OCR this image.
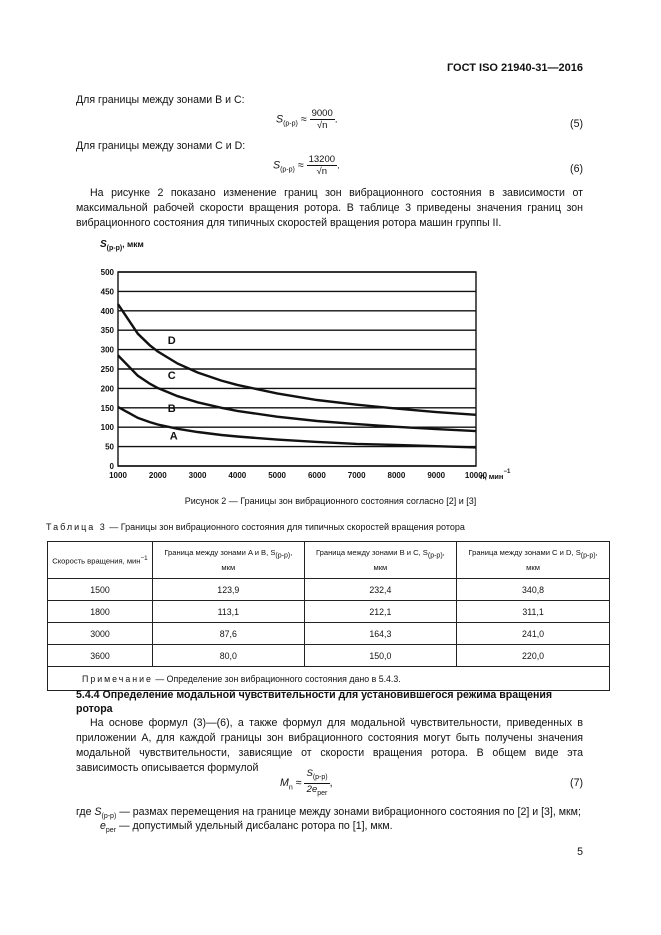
ГОСТ ISO 21940-31—2016
Для границы между зонами B и C:
$S_{(р-р)} \approx \frac{9000}{√n}$ .	(5)
Для границы между зонами C и D:
$S_{(р-р)} \approx \frac{13200}{√n}$ .	(6)
На рисунке 2 показано изменение границ зон вибрационного состояния в зависимости от максимальной рабочей скорости вращения ротора. В таблице 3 приведены значения границ зон вибрационного состояния для типичных скоростей вращения ротора машин группы II.
A
B
C
D
0
50
100
150
200
250
300
350
400
450
500
1000	2000	3000	4000	5000	6000	7000	8000	9000 10000
$S_{(р-р)}$, мкм
n, мин$^{-1}$
Рисунок 2 — Границы зон вибрационного состояния согласно [2] и [3]
Таблица 3 — Границы зон вибрационного состояния для типичных скоростей вращения ротора
Скорость вращения, мин$^{-1}$	Граница между зонами A и B, $S_{(р-р)}$, мкм	Граница между зонами B и C, $S_{(р-р)}$, мкм	Граница между зонами C и D, $S_{(р-р)}$, мкм
1500	123,9	232,4	340,8
1800	113,1	212,1	311,1
3000	87,6	164,3	241,0
3600	80,0	150,0	220,0
Примечание — Определение зон вибрационного состояния дано в 5.4.3.			
5.4.4 Определение модальной чувствительности для установившегося режима вращения ротора
На основе формул (3)—(6), а также формул для модальной чувствительности, приведенных в приложении А, для каждой границы зон вибрационного состояния могут быть получены значения модальной чувствительности, зависящие от скорости вращения ротора. В общем виде эта зависимость описывается формулой
$M_n \approx \frac{S_{(р-р)}}{2e_{per}}$ ,	(7)
где $S_{(р-р)}$ — размах перемещения на границе между зонами вибрационного состояния по [2] и [3], мкм;
$e_{per}$ — допустимый удельный дисбаланс ротора по [1], мкм.
5
